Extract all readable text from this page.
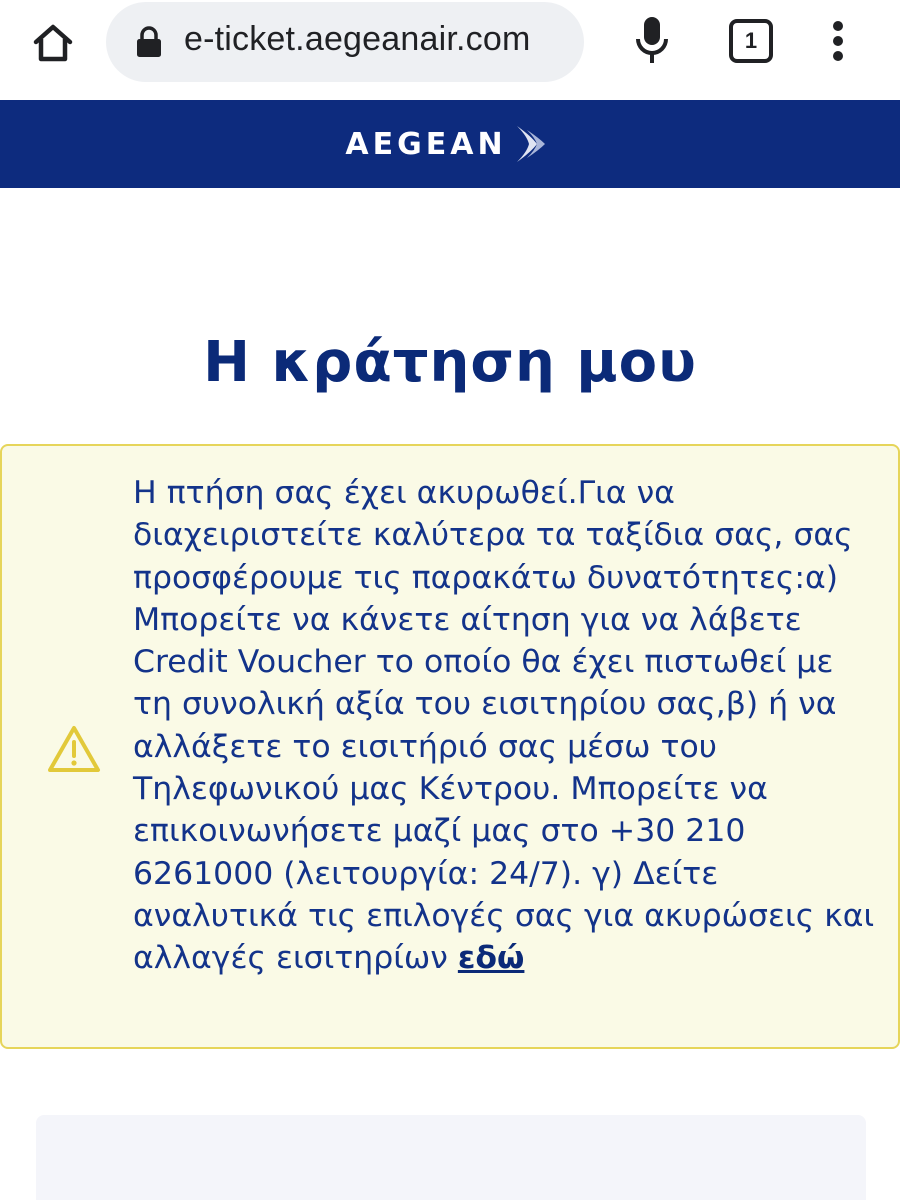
e-ticket.aegeanair.com	1
AEGEAN
Η κράτηση μου

Η πτήση σας έχει ακυρωθεί.Για να διαχειριστείτε καλύτερα τα ταξίδια σας, σας προσφέρουμε τις παρακάτω δυνατότητες:α) Μπορείτε να κάνετε αίτηση για να λάβετε Credit Voucher το οποίο θα έχει πιστωθεί με τη συνολική αξία του εισιτηρίου σας,β) ή να αλλάξετε το εισιτήριό σας μέσω του Τηλεφωνικού μας Κέντρου. Μπορείτε να επικοινωνήσετε μαζί μας στο +30 210 6261000 (λειτουργία: 24/7). γ) Δείτε αναλυτικά τις επιλογές σας για ακυρώσεις και αλλαγές εισιτηρίων εδώ
